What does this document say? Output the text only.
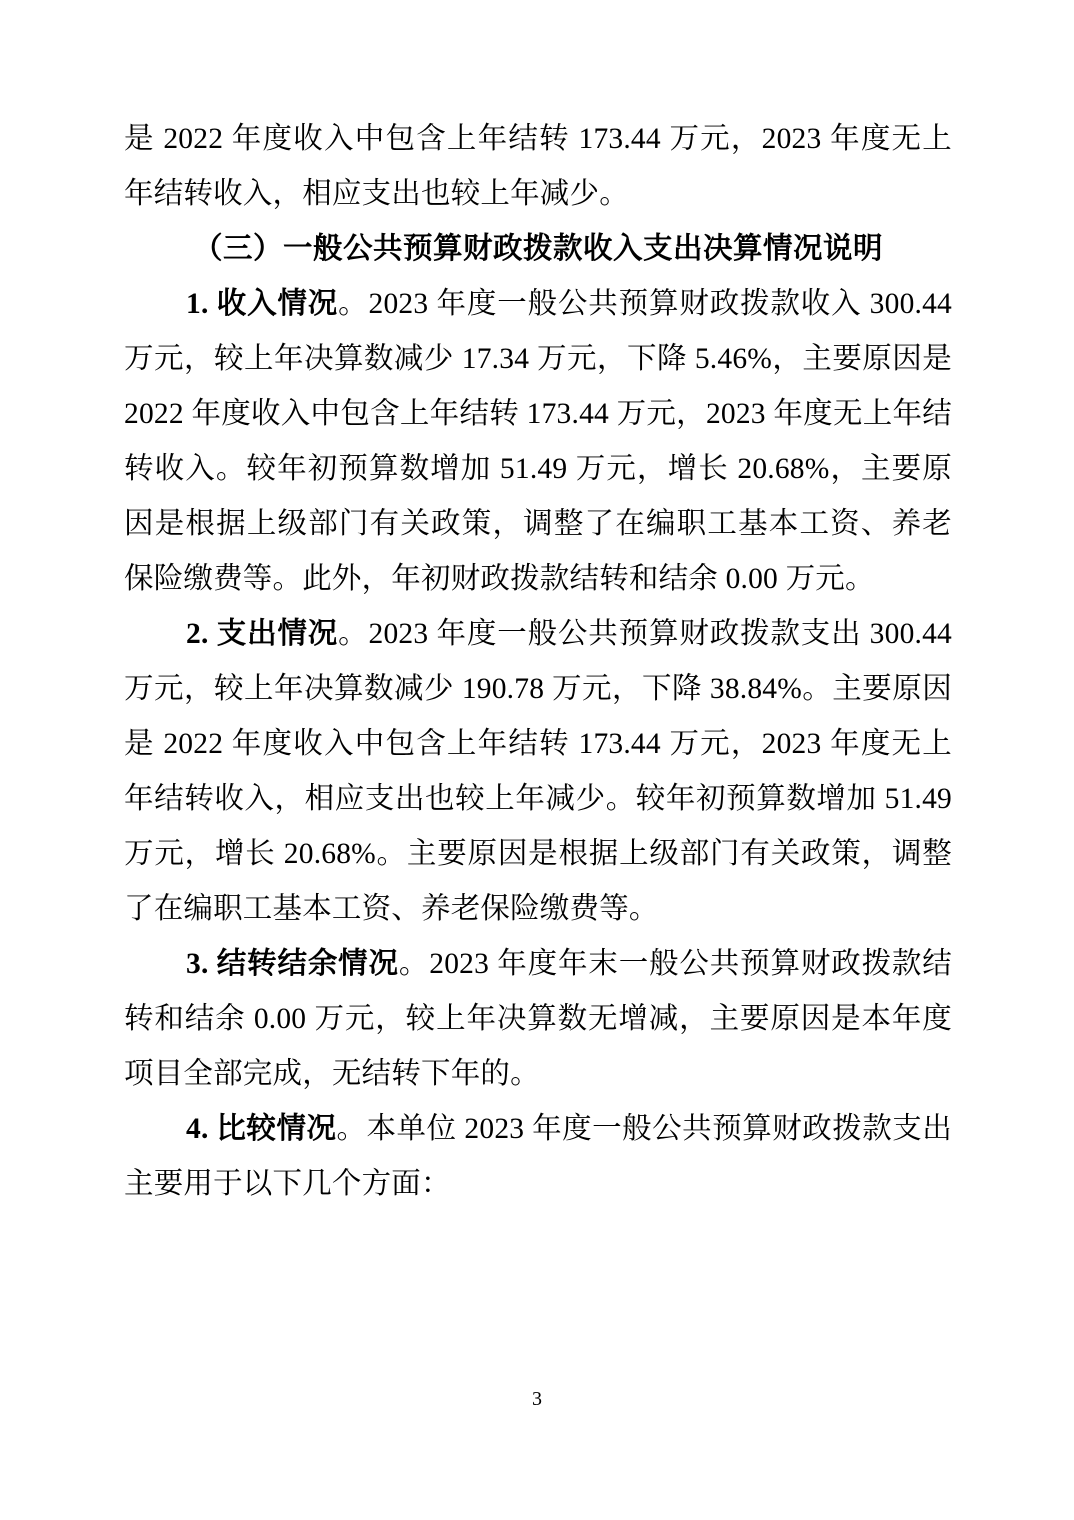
是 2022 年度收入中包含上年结转 173.44 万元，2023 年度无上年结转收入，相应支出也较上年减少。

（三）一般公共预算财政拨款收入支出决算情况说明

1. 收入情况。2023 年度一般公共预算财政拨款收入 300.44 万元，较上年决算数减少 17.34 万元，下降 5.46%，主要原因是 2022 年度收入中包含上年结转 173.44 万元，2023 年度无上年结转收入。较年初预算数增加 51.49 万元，增长 20.68%，主要原因是根据上级部门有关政策，调整了在编职工基本工资、养老保险缴费等。此外，年初财政拨款结转和结余 0.00 万元。

2. 支出情况。2023 年度一般公共预算财政拨款支出 300.44 万元，较上年决算数减少 190.78 万元，下降 38.84%。主要原因是 2022 年度收入中包含上年结转 173.44 万元，2023 年度无上年结转收入，相应支出也较上年减少。较年初预算数增加 51.49 万元，增长 20.68%。主要原因是根据上级部门有关政策，调整了在编职工基本工资、养老保险缴费等。

3. 结转结余情况。2023 年度年末一般公共预算财政拨款结转和结余 0.00 万元，较上年决算数无增减，主要原因是本年度项目全部完成，无结转下年的。

4. 比较情况。本单位 2023 年度一般公共预算财政拨款支出主要用于以下几个方面：

3
